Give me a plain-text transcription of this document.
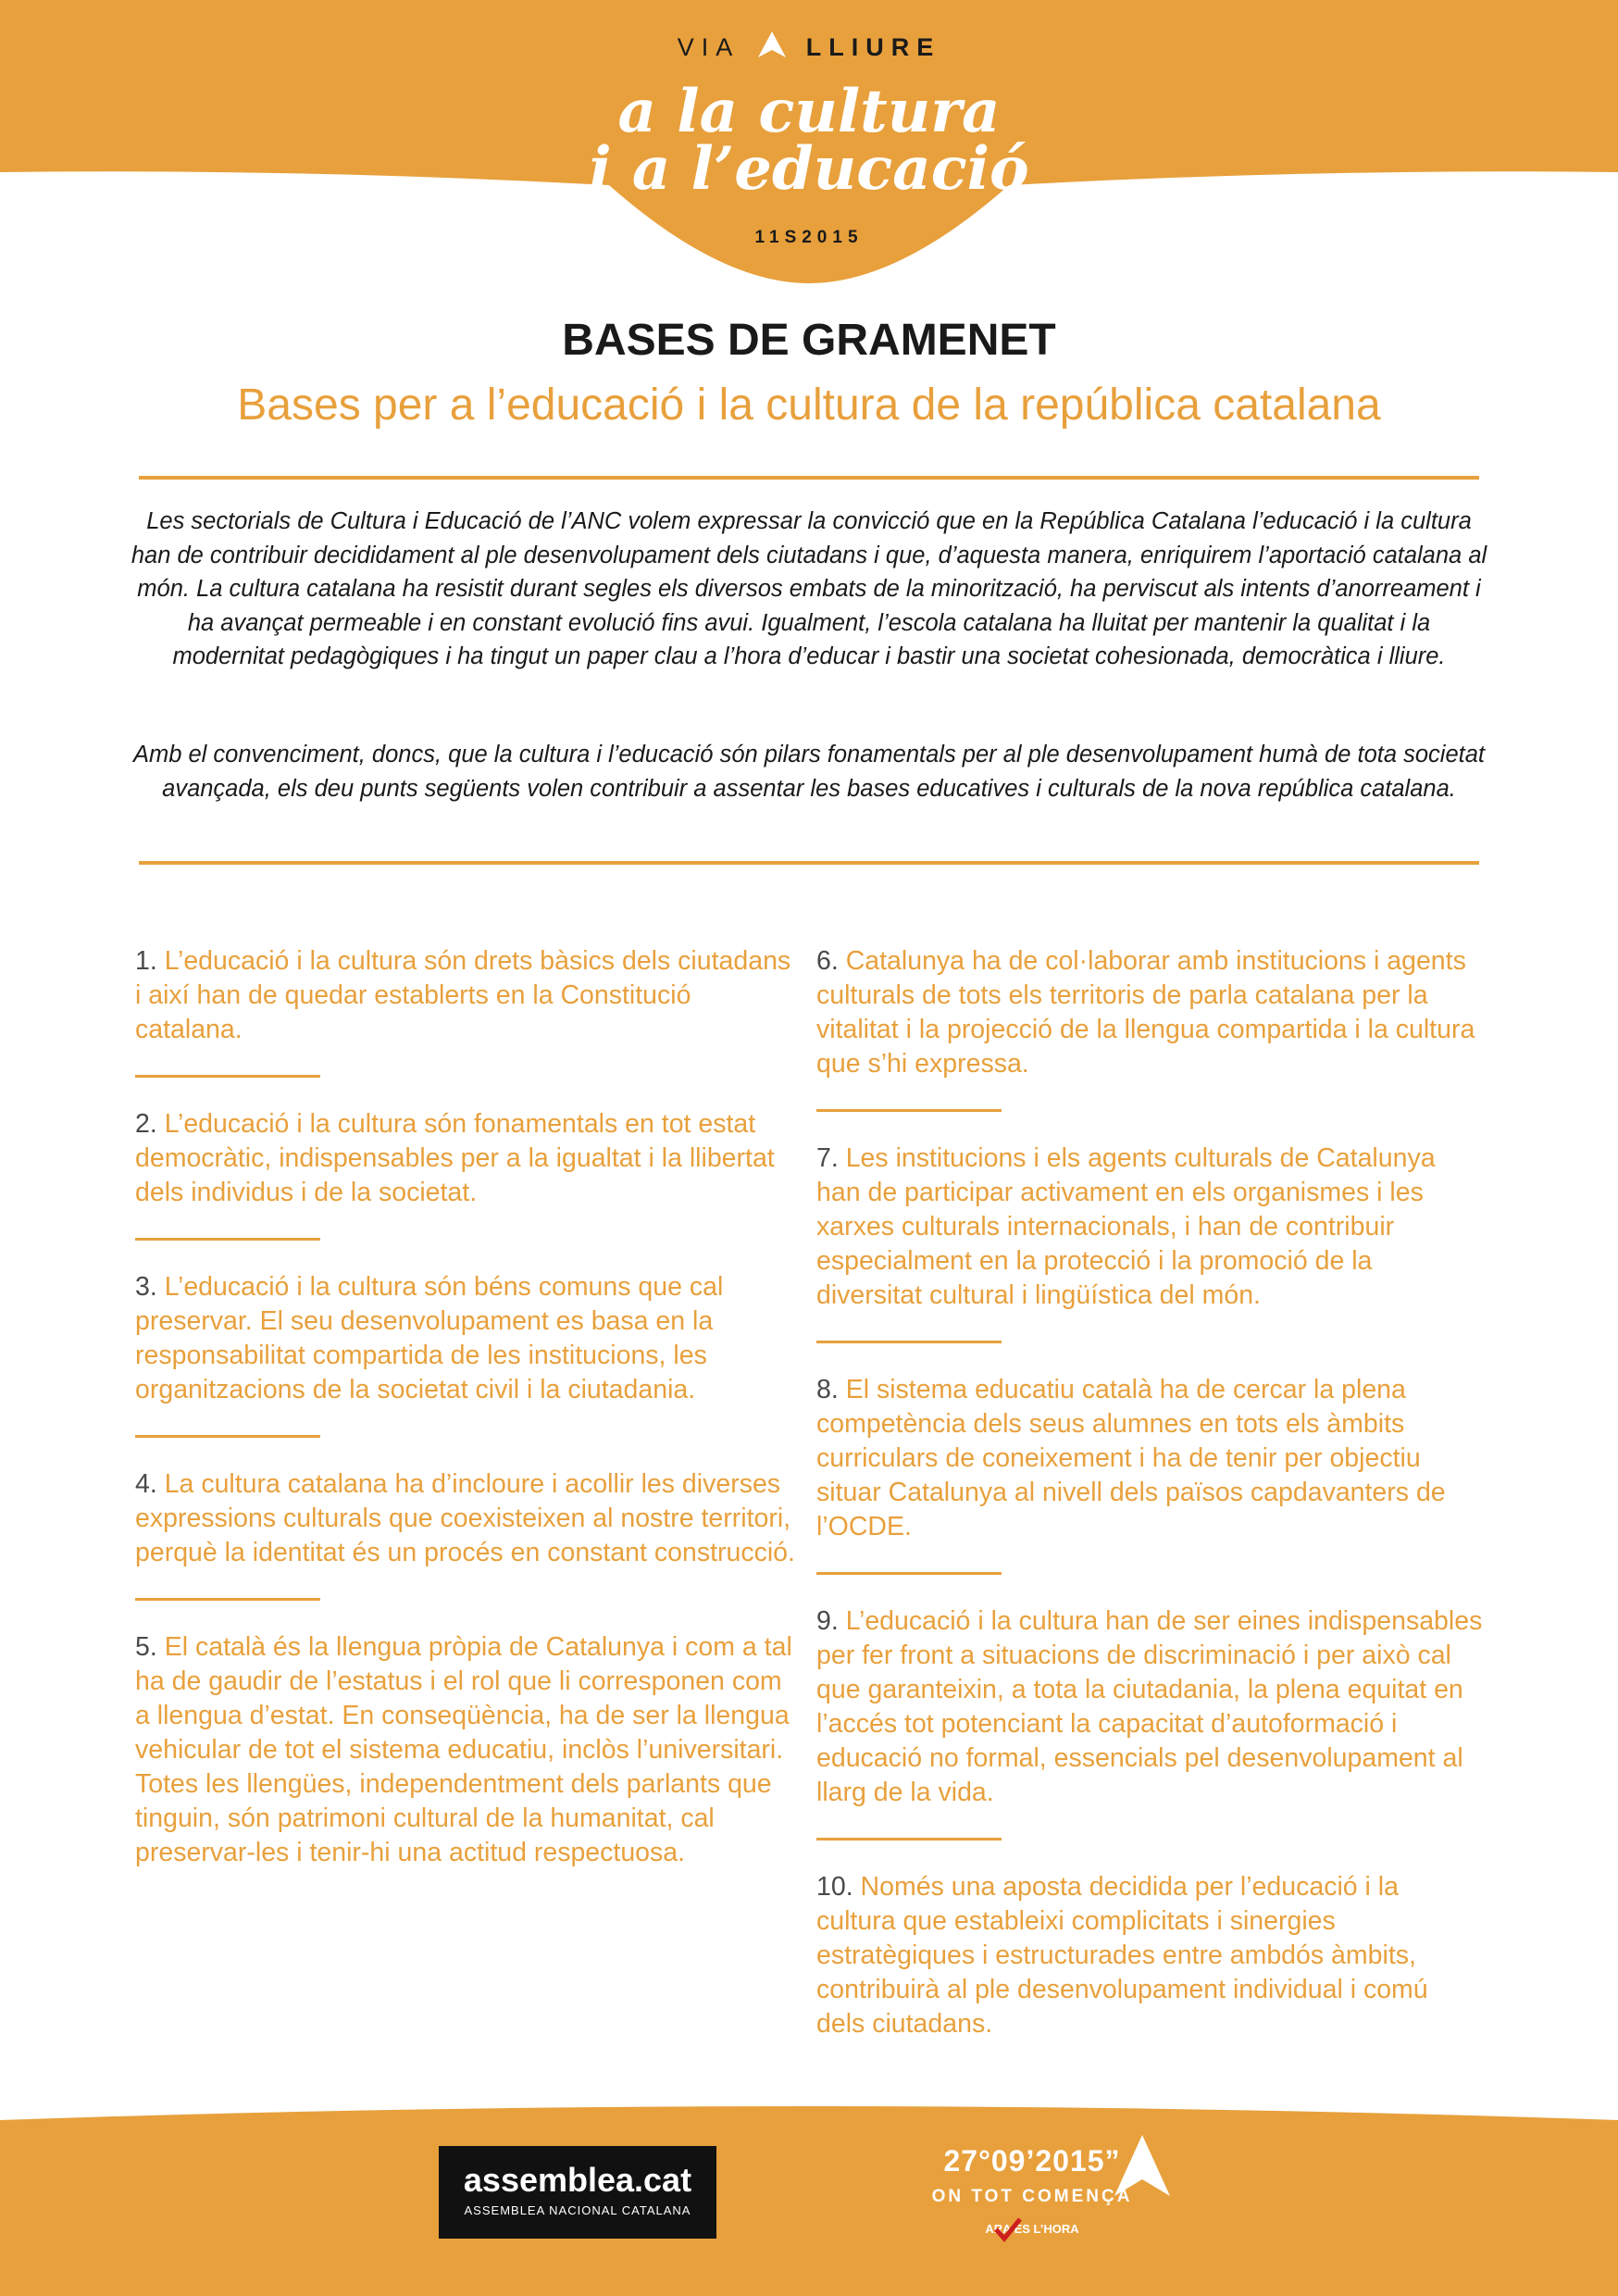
VIA	LLIURE
a la cultura
i a l’educació
11S2015
BASES DE GRAMENET
Bases per a l’educació i la cultura de la república catalana

Les sectorials de Cultura i Educació de l’ANC volem expressar la convicció que en la República Catalana l’educació i la cultura han de contribuir decididament al ple desenvolupament dels ciutadans i que, d’aquesta manera, enriquirem l’aportació catalana al món. La cultura catalana ha resistit durant segles els diversos embats de la minorització, ha perviscut als intents d’anorreament i ha avançat permeable i en constant evolució fins avui. Igualment, l’escola catalana ha lluitat per mantenir la qualitat i la modernitat pedagògiques i ha tingut un paper clau a l’hora d’educar i bastir una societat cohesionada, democràtica i lliure.

Amb el convenciment, doncs, que la cultura i l’educació són pilars fonamentals per al ple desenvolupament humà de tota societat avançada, els deu punts següents volen contribuir a assentar les bases educatives i culturals de la nova república catalana.

1. L’educació i la cultura són drets bàsics dels ciutadans i així han de quedar establerts en la Constitució catalana.

2. L’educació i la cultura són fonamentals en tot estat democràtic, indispensables per a la igualtat i la llibertat dels individus i de la societat.

3. L’educació i la cultura són béns comuns que cal preservar. El seu desenvolupament es basa en la responsabilitat compartida de les institucions, les organitzacions de la societat civil i la ciutadania.

4. La cultura catalana ha d’incloure i acollir les diverses expressions culturals que coexisteixen al nostre territori, perquè la identitat és un procés en constant construcció.

5. El català és la llengua pròpia de Catalunya i com a tal ha de gaudir de l’estatus i el rol que li corresponen com a llengua d’estat. En conseqüència, ha de ser la llengua vehicular de tot el sistema educatiu, inclòs l’universitari. Totes les llengües, independentment dels parlants que tinguin, són patrimoni cultural de la humanitat, cal preservar-les i tenir-hi una actitud respectuosa.

6. Catalunya ha de col·laborar amb institucions i agents culturals de tots els territoris de parla catalana per la vitalitat i la projecció de la llengua compartida i la cultura que s’hi expressa.

7. Les institucions i els agents culturals de Catalunya han de participar activament en els organismes i les xarxes culturals internacionals, i han de contribuir especialment en la protecció i la promoció de la diversitat cultural i lingüística del món.

8. El sistema educatiu català ha de cercar la plena competència dels seus alumnes en tots els àmbits curriculars de coneixement i ha de tenir per objectiu situar Catalunya al nivell dels països capdavanters de l’OCDE.

9. L’educació i la cultura han de ser eines indispensables per fer front a situacions de discriminació i per això cal que garanteixin, a tota la ciutadania, la plena equitat en l’accés tot potenciant la capacitat d’autoformació i educació no formal, essencials pel desenvolupament al llarg de la vida.

10. Només una aposta decidida per l’educació i la cultura que estableixi complicitats i sinergies estratègiques i estructurades entre ambdós àmbits, contribuirà al ple desenvolupament individual i comú dels ciutadans.

assemblea.cat
ASSEMBLEA NACIONAL CATALANA
27°09’2015”
ON TOT COMENÇA
ARA ÉS L’HORA
